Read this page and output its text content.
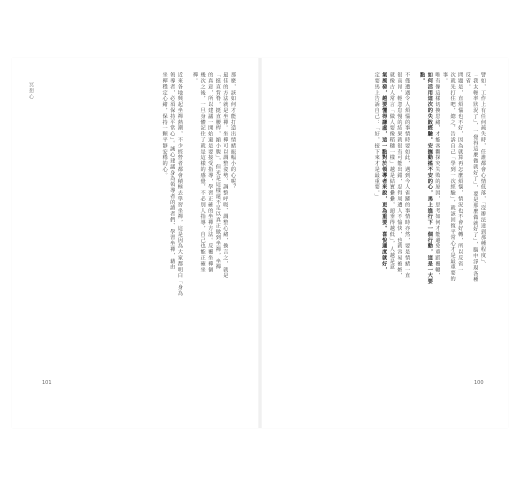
冥想心	那麼，該如何才能打造出情緒振幅小的心呢？
最佳的方法就是坐禪。坐禪可以調整姿勢、調整呼吸、調整心緒，換言之，就是
「挺直背脊，挺直腰桿，縮小腹」，但光是這樣還不足以真正做到坐禪，坐禪
的真意，所以建議一開始還是要接受指導，學習正確的坐禪方法。反覆坐禪個
幾次之後，一旦身體記住了就是這樣的感覺，不必別人指導，自己也能正確坐
禪。
近來各地興起坐禪熱潮，不少經營者都會積極去學習坐禪，這是因為大家都明白「身為
領導者，必須保持平常心」。誠心建議身為領導者的讀者們、學習坐禪，藉由
坐禪穩定心緒，保持一顆平靜安穩的心。
101
譬如，工作上有任何疏失時，任誰都會心情低落，「沒辦法達到那種程度」、
「我太輕率狀況了」，一覺得這麼做就好了」，要是那麼做就好了」，腦中浮現各種
反省。
問題是，直煩惱也不好，因為就算再怎麼煩惱，情況也不會好轉，所以反省一
次就先打住吧，總之，告訴自己「學到一次經驗」，就該回復平常心才是最重要的
事。
唯有像這樣切換思緒，才能客觀探究失敗的原因，思考如何才能避免重蹈覆轍，
如何活用這次的失敗經驗。安撫動搖不安的心，馬上進行下一個行動，這是一大要
點。
不僅遭遇令人煩惱的事情時要如此，遇到今人雀躍的事情時亦然，要是情緒一直
很高昂，輕忽怠慢的結果就很有可能出錯，忍得周遭人不愉快，也就容易被嫉，
就像古人常言「做人要像稻穗一樣」越是結實纍纍，頭垂得越低」，人越是意
氣風發，越要懂得謙虛，這一點對於領導者來說，更為重要。喜悅適度就好，
定要馬上告訴自己：「好，接下來才是最重要。」
100
